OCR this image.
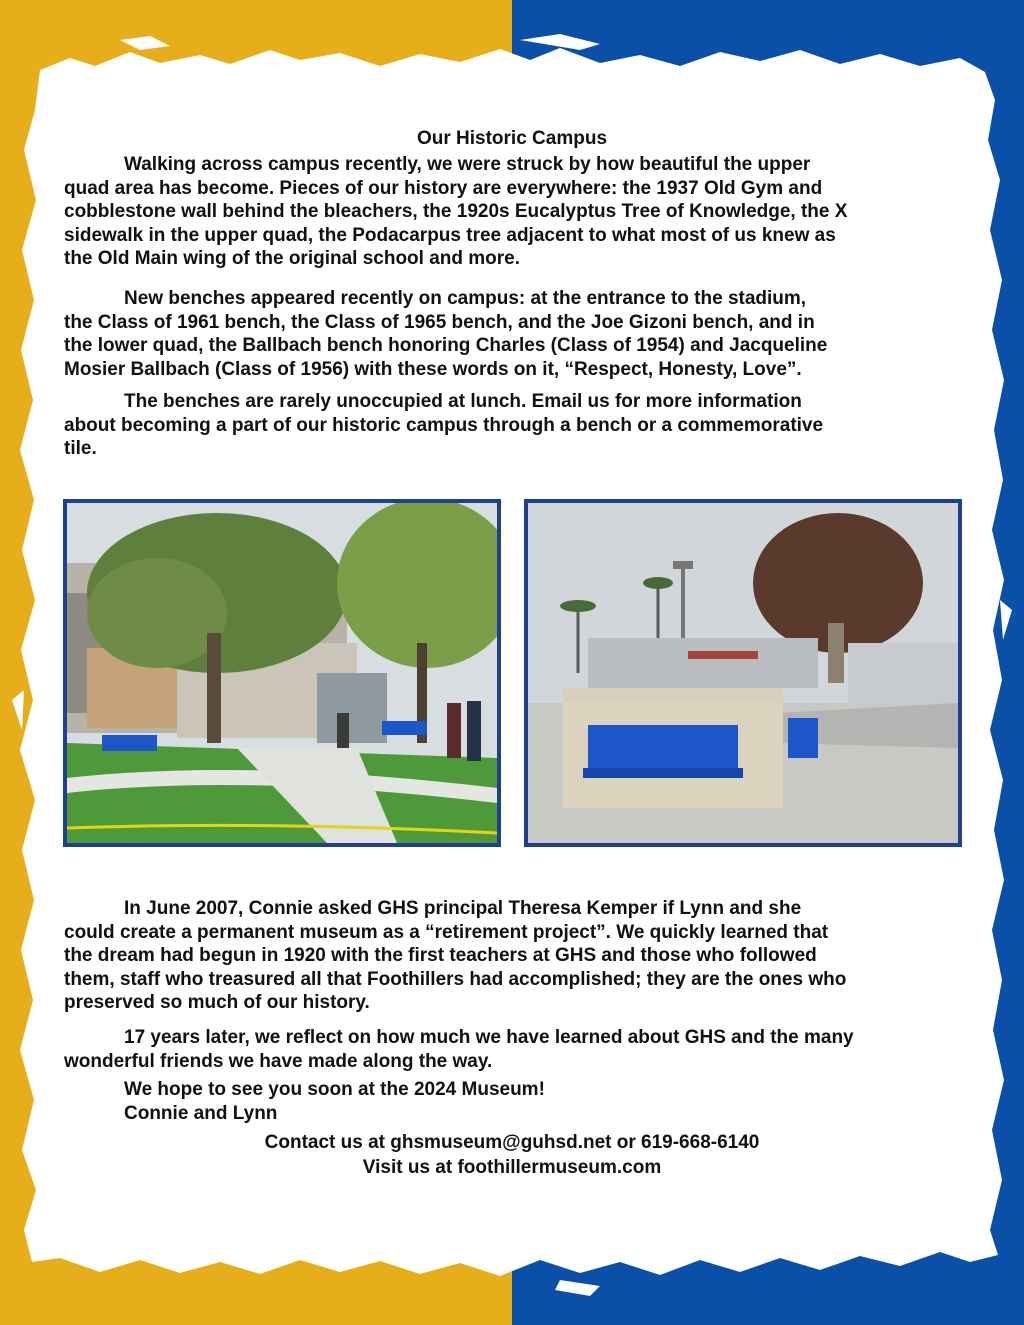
Our Historic Campus
Walking across campus recently, we were struck by how beautiful the upper
quad area has become. Pieces of our history are everywhere: the 1937 Old Gym and
cobblestone wall behind the bleachers, the 1920s Eucalyptus Tree of Knowledge, the X
sidewalk in the upper quad, the Podacarpus tree adjacent to what most of us knew as
the Old Main wing of the original school and more.
New benches appeared recently on campus: at the entrance to the stadium,
the Class of 1961 bench, the Class of 1965 bench, and the Joe Gizoni bench, and in
the lower quad, the Ballbach bench honoring Charles (Class of 1954) and Jacqueline
Mosier Ballbach (Class of 1956) with these words on it, “Respect, Honesty, Love”.
The benches are rarely unoccupied at lunch. Email us for more information
about becoming a part of our historic campus through a bench or a commemorative
tile.
In June 2007, Connie asked GHS principal Theresa Kemper if Lynn and she
could create a permanent museum as a “retirement project”. We quickly learned that
the dream had begun in 1920 with the first teachers at GHS and those who followed
them, staff who treasured all that Foothillers had accomplished; they are the ones who
preserved so much of our history.
17 years later, we reflect on how much we have learned about GHS and the many
wonderful friends we have made along the way.
We hope to see you soon at the 2024 Museum!
Connie and Lynn
Contact us at ghsmuseum@guhsd.net or 619-668-6140
Visit us at foothillermuseum.com
